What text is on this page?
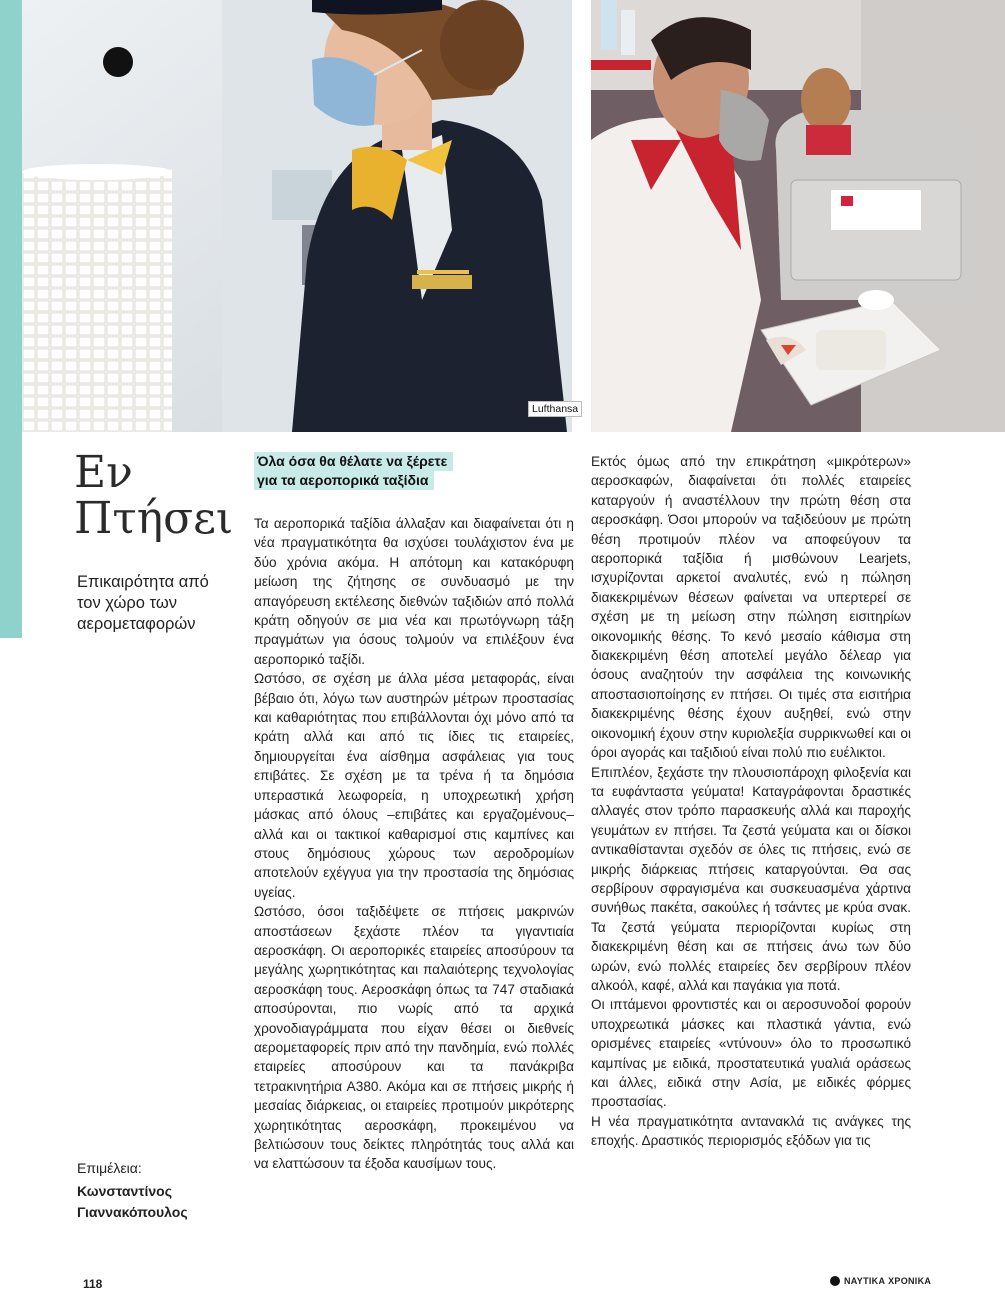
Lufthansa
Εν
Πτήσει
Επικαιρότητα από τον χώρο των αερομεταφορών
Επιμέλεια:
Κωνσταντίνος Γιαννακόπουλος
Όλα όσα θα θέλατε να ξέρετε
για τα αεροπορικά ταξίδια

Τα αεροπορικά ταξίδια άλλαξαν και διαφαίνεται ότι η νέα πραγματικότητα θα ισχύσει τουλάχιστον ένα με δύο χρόνια ακόμα. Η απότομη και κατακόρυφη μείωση της ζήτησης σε συνδυασμό με την απαγόρευση εκτέλεσης διεθνών ταξιδιών από πολλά κράτη οδηγούν σε μια νέα και πρωτόγνωρη τάξη πραγμάτων για όσους τολμούν να επιλέξουν ένα αεροπορικό ταξίδι.

Ωστόσο, σε σχέση με άλλα μέσα μεταφοράς, είναι βέβαιο ότι, λόγω των αυστηρών μέτρων προστασίας και καθαριότητας που επιβάλλονται όχι μόνο από τα κράτη αλλά και από τις ίδιες τις εταιρείες, δημιουργείται ένα αίσθημα ασφάλειας για τους επιβάτες. Σε σχέση με τα τρένα ή τα δημόσια υπεραστικά λεωφορεία, η υποχρεωτική χρήση μάσκας από όλους –επιβάτες και εργαζομένους– αλλά και οι τακτικοί καθαρισμοί στις καμπίνες και στους δημόσιους χώρους των αεροδρομίων αποτελούν εχέγγυα για την προστασία της δημόσιας υγείας.

Ωστόσο, όσοι ταξιδέψετε σε πτήσεις μακρινών αποστάσεων ξεχάστε πλέον τα γιγαντιαία αεροσκάφη. Οι αεροπορικές εταιρείες αποσύρουν τα μεγάλης χωρητικότητας και παλαιότερης τεχνολογίας αεροσκάφη τους. Αεροσκάφη όπως τα 747 σταδιακά αποσύρονται, πιο νωρίς από τα αρχικά χρονοδιαγράμματα που είχαν θέσει οι διεθνείς αερομεταφορείς πριν από την πανδημία, ενώ πολλές εταιρείες αποσύρουν και τα πανάκριβα τετρακινητήρια A380. Ακόμα και σε πτήσεις μικρής ή μεσαίας διάρκειας, οι εταιρείες προτιμούν μικρότερης χωρητικότητας αεροσκάφη, προκειμένου να βελτιώσουν τους δείκτες πληρότητάς τους αλλά και να ελαττώσουν τα έξοδα καυσίμων τους.

Εκτός όμως από την επικράτηση «μικρότερων» αεροσκαφών, διαφαίνεται ότι πολλές εταιρείες καταργούν ή αναστέλλουν την πρώτη θέση στα αεροσκάφη. Όσοι μπορούν να ταξιδεύουν με πρώτη θέση προτιμούν πλέον να αποφεύγουν τα αεροπορικά ταξίδια ή μισθώνουν Learjets, ισχυρίζονται αρκετοί αναλυτές, ενώ η πώληση διακεκριμένων θέσεων φαίνεται να υπερτερεί σε σχέση με τη μείωση στην πώληση εισιτηρίων οικονομικής θέσης. Το κενό μεσαίο κάθισμα στη διακεκριμένη θέση αποτελεί μεγάλο δέλεαρ για όσους αναζητούν την ασφάλεια της κοινωνικής αποστασιοποίησης εν πτήσει. Οι τιμές στα εισιτήρια διακεκριμένης θέσης έχουν αυξηθεί, ενώ στην οικονομική έχουν στην κυριολεξία συρρικνωθεί και οι όροι αγοράς και ταξιδιού είναι πολύ πιο ευέλικτοι.

Επιπλέον, ξεχάστε την πλουσιοπάροχη φιλοξενία και τα ευφάνταστα γεύματα! Καταγράφονται δραστικές αλλαγές στον τρόπο παρασκευής αλλά και παροχής γευμάτων εν πτήσει. Τα ζεστά γεύματα και οι δίσκοι αντικαθίστανται σχεδόν σε όλες τις πτήσεις, ενώ σε μικρής διάρκειας πτήσεις καταργούνται. Θα σας σερβίρουν σφραγισμένα και συσκευασμένα χάρτινα συνήθως πακέτα, σακούλες ή τσάντες με κρύα σνακ. Τα ζεστά γεύματα περιορίζονται κυρίως στη διακεκριμένη θέση και σε πτήσεις άνω των δύο ωρών, ενώ πολλές εταιρείες δεν σερβίρουν πλέον αλκοόλ, καφέ, αλλά και παγάκια για ποτά.

Οι ιπτάμενοι φροντιστές και οι αεροσυνοδοί φορούν υποχρεωτικά μάσκες και πλαστικά γάντια, ενώ ορισμένες εταιρείες «ντύνουν» όλο το προσωπικό καμπίνας με ειδικά, προστατευτικά γυαλιά οράσεως και άλλες, ειδικά στην Ασία, με ειδικές φόρμες προστασίας.

Η νέα πραγματικότητα αντανακλά τις ανάγκες της εποχής. Δραστικός περιορισμός εξόδων για τις

118	ΝΑΥΤΙΚΑ ΧΡΟΝΙΚΑ
